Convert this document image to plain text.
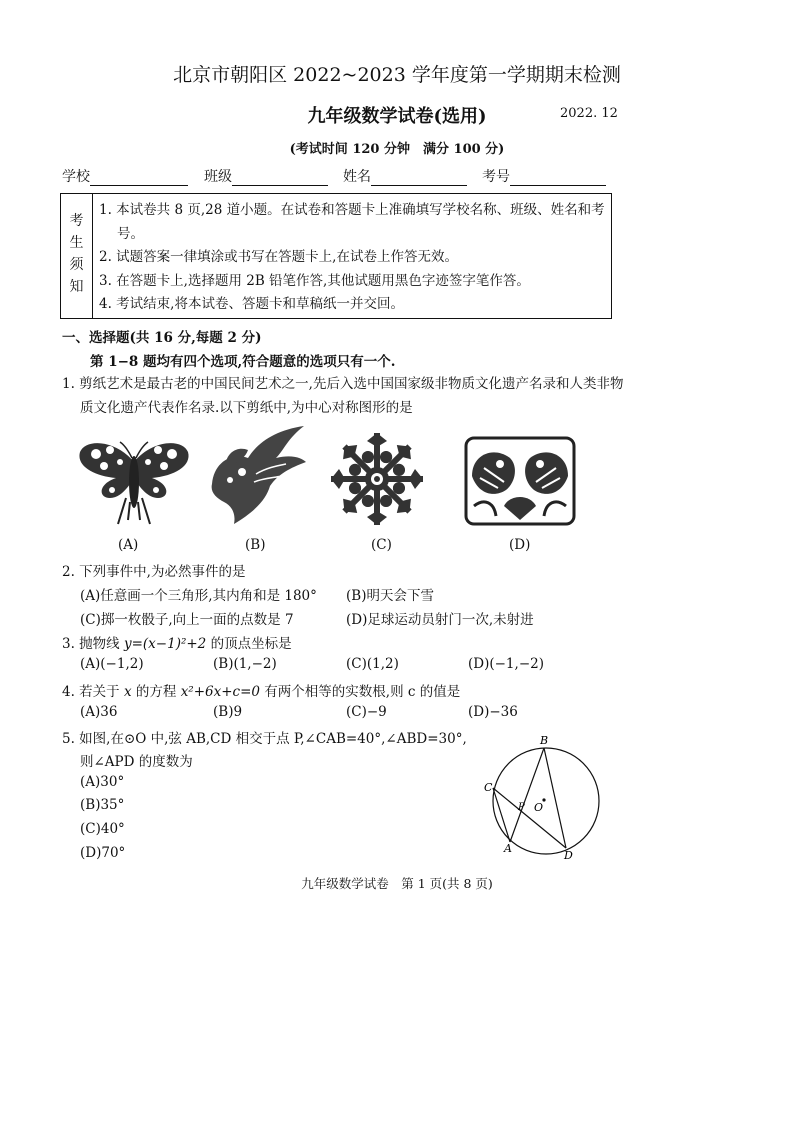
北京市朝阳区 2022~2023 学年度第一学期期末检测
九年级数学试卷(选用)	2022. 12
(考试时间 120 分钟　满分 100 分)
学校	班级	姓名	考号
考
生
须
知
1. 本试卷共 8 页,28 道小题。在试卷和答题卡上准确填写学校名称、班级、姓名和考号。
2. 试题答案一律填涂或书写在答题卡上,在试卷上作答无效。
3. 在答题卡上,选择题用 2B 铅笔作答,其他试题用黑色字迹签字笔作答。
4. 考试结束,将本试卷、答题卡和草稿纸一并交回。
一、选择题(共 16 分,每题 2 分)
第 1−8 题均有四个选项,符合题意的选项只有一个.
1. 剪纸艺术是最古老的中国民间艺术之一,先后入选中国国家级非物质文化遗产名录和人类非物质文化遗产代表作名录.以下剪纸中,为中心对称图形的是
(A)	(B)	(C)	(D)
2. 下列事件中,为必然事件的是
(A)任意画一个三角形,其内角和是 180° (B)明天会下雪
(C)掷一枚骰子,向上一面的点数是 7	(D)足球运动员射门一次,未射进
3. 抛物线 y=(x−1)²+2 的顶点坐标是
(A)(−1,2)	(B)(1,−2)	(C)(1,2)	(D)(−1,−2)
4. 若关于 x 的方程 x²+6x+c=0 有两个相等的实数根,则 c 的值是
(A)36	(B)9	(C)−9	(D)−36
5. 如图,在⊙O 中,弦 AB,CD 相交于点 P,∠CAB=40°,∠ABD=30°,
则∠APD 的度数为
(A)30°
(B)35°
(C)40°
(D)70°
B
C
P O
A
D
九年级数学试卷　第 1 页(共 8 页)
